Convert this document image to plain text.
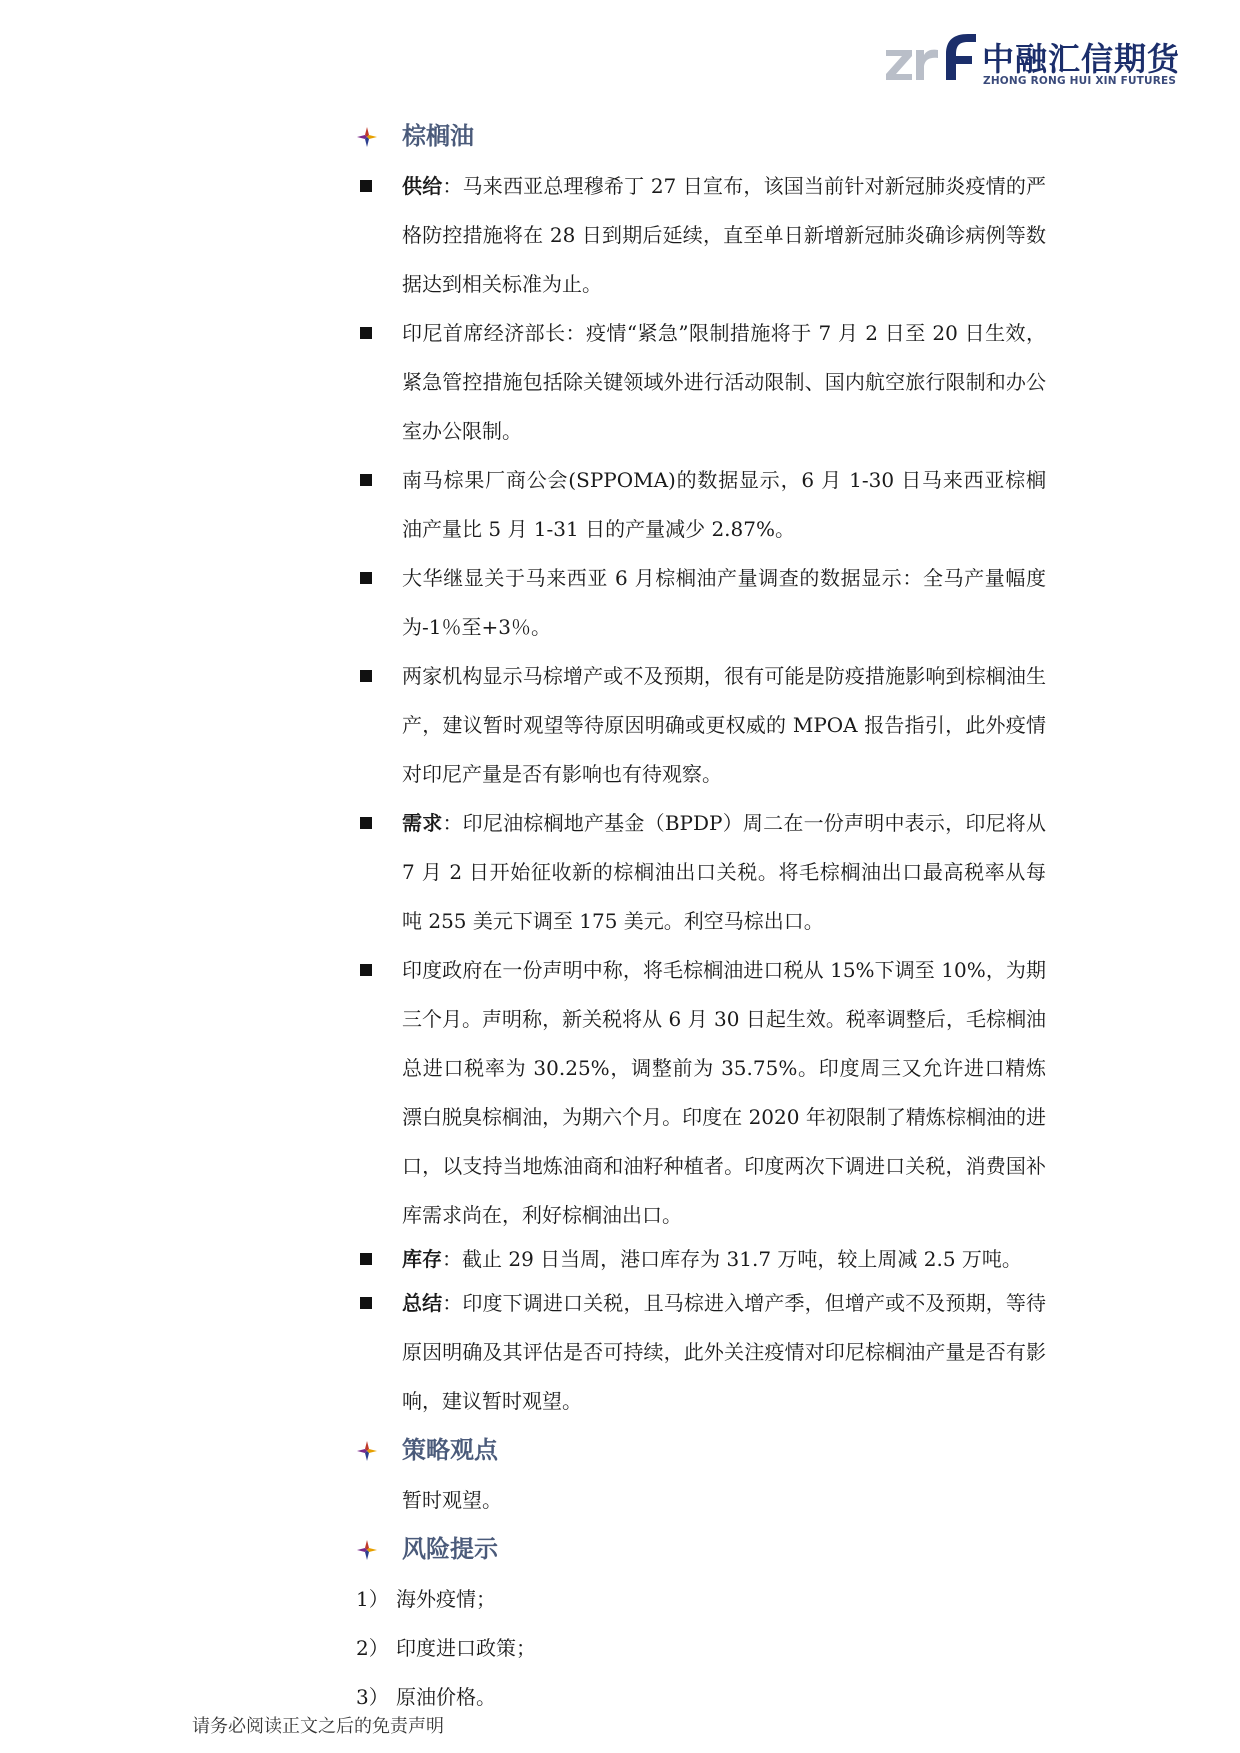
中融汇信期货
ZHONG RONG HUI XIN FUTURES
棕榈油
供给：马来西亚总理穆希丁 27 日宣布，该国当前针对新冠肺炎疫情的严格防控措施将在 28 日到期后延续，直至单日新增新冠肺炎确诊病例等数据达到相关标准为止。
印尼首席经济部长：疫情“紧急”限制措施将于 7 月 2 日至 20 日生效，紧急管控措施包括除关键领域外进行活动限制、国内航空旅行限制和办公室办公限制。
南马棕果厂商公会(SPPOMA)的数据显示，6 月 1-30 日马来西亚棕榈油产量比 5 月 1-31 日的产量减少 2.87%。
大华继显关于马来西亚 6 月棕榈油产量调查的数据显示：全马产量幅度为-1％至+3％。
两家机构显示马棕增产或不及预期，很有可能是防疫措施影响到棕榈油生产，建议暂时观望等待原因明确或更权威的 MPOA 报告指引，此外疫情对印尼产量是否有影响也有待观察。
需求：印尼油棕榈地产基金（BPDP）周二在一份声明中表示，印尼将从 7 月 2 日开始征收新的棕榈油出口关税。将毛棕榈油出口最高税率从每吨 255 美元下调至 175 美元。利空马棕出口。
印度政府在一份声明中称，将毛棕榈油进口税从 15%下调至 10%，为期三个月。声明称，新关税将从 6 月 30 日起生效。税率调整后，毛棕榈油总进口税率为 30.25%，调整前为 35.75%。印度周三又允许进口精炼漂白脱臭棕榈油，为期六个月。印度在 2020 年初限制了精炼棕榈油的进口，以支持当地炼油商和油籽种植者。印度两次下调进口关税，消费国补库需求尚在，利好棕榈油出口。
库存：截止 29 日当周，港口库存为 31.7 万吨，较上周减 2.5 万吨。
总结：印度下调进口关税，且马棕进入增产季，但增产或不及预期，等待原因明确及其评估是否可持续，此外关注疫情对印尼棕榈油产量是否有影响，建议暂时观望。
策略观点
暂时观望。
风险提示
1） 海外疫情；
2） 印度进口政策；
3） 原油价格。
请务必阅读正文之后的免责声明
